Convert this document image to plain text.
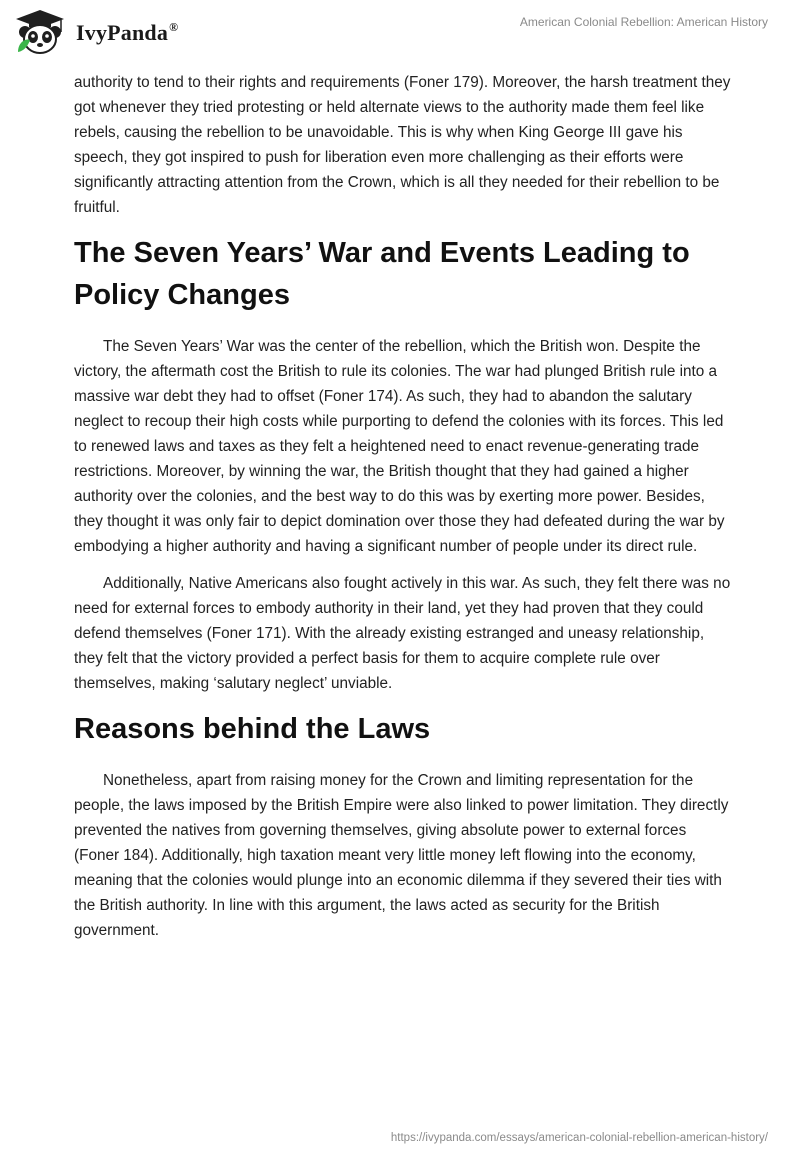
IvyPanda®	American Colonial Rebellion: American History

authority to tend to their rights and requirements (Foner 179). Moreover, the harsh treatment they got whenever they tried protesting or held alternate views to the authority made them feel like rebels, causing the rebellion to be unavoidable. This is why when King George III gave his speech, they got inspired to push for liberation even more challenging as their efforts were significantly attracting attention from the Crown, which is all they needed for their rebellion to be fruitful.

The Seven Years’ War and Events Leading to Policy Changes

The Seven Years’ War was the center of the rebellion, which the British won. Despite the victory, the aftermath cost the British to rule its colonies. The war had plunged British rule into a massive war debt they had to offset (Foner 174). As such, they had to abandon the salutary neglect to recoup their high costs while purporting to defend the colonies with its forces. This led to renewed laws and taxes as they felt a heightened need to enact revenue-generating trade restrictions. Moreover, by winning the war, the British thought that they had gained a higher authority over the colonies, and the best way to do this was by exerting more power. Besides, they thought it was only fair to depict domination over those they had defeated during the war by embodying a higher authority and having a significant number of people under its direct rule.

Additionally, Native Americans also fought actively in this war. As such, they felt there was no need for external forces to embody authority in their land, yet they had proven that they could defend themselves (Foner 171). With the already existing estranged and uneasy relationship, they felt that the victory provided a perfect basis for them to acquire complete rule over themselves, making ‘salutary neglect’ unviable.

Reasons behind the Laws

Nonetheless, apart from raising money for the Crown and limiting representation for the people, the laws imposed by the British Empire were also linked to power limitation. They directly prevented the natives from governing themselves, giving absolute power to external forces (Foner 184). Additionally, high taxation meant very little money left flowing into the economy, meaning that the colonies would plunge into an economic dilemma if they severed their ties with the British authority. In line with this argument, the laws acted as security for the British government.

https://ivypanda.com/essays/american-colonial-rebellion-american-history/
